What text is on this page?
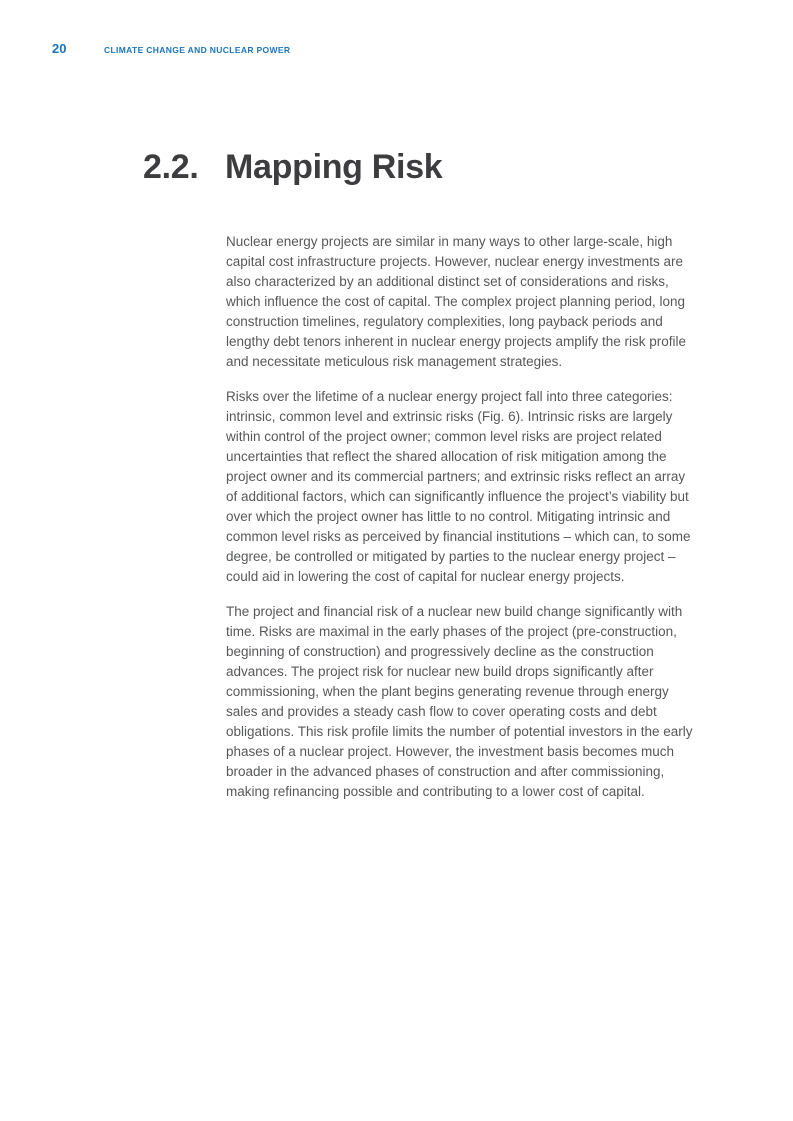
20	CLIMATE CHANGE AND NUCLEAR POWER
2.2. Mapping Risk

Nuclear energy projects are similar in many ways to other large-scale, high capital cost infrastructure projects. However, nuclear energy investments are also characterized by an additional distinct set of considerations and risks, which influence the cost of capital. The complex project planning period, long construction timelines, regulatory complexities, long payback periods and lengthy debt tenors inherent in nuclear energy projects amplify the risk profile and necessitate meticulous risk management strategies.

Risks over the lifetime of a nuclear energy project fall into three categories: intrinsic, common level and extrinsic risks (Fig. 6). Intrinsic risks are largely within control of the project owner; common level risks are project related uncertainties that reflect the shared allocation of risk mitigation among the project owner and its commercial partners; and extrinsic risks reflect an array of additional factors, which can significantly influence the project’s viability but over which the project owner has little to no control. Mitigating intrinsic and common level risks as perceived by financial institutions – which can, to some degree, be controlled or mitigated by parties to the nuclear energy project – could aid in lowering the cost of capital for nuclear energy projects.

The project and financial risk of a nuclear new build change significantly with time. Risks are maximal in the early phases of the project (pre-construction, beginning of construction) and progressively decline as the construction advances. The project risk for nuclear new build drops significantly after commissioning, when the plant begins generating revenue through energy sales and provides a steady cash flow to cover operating costs and debt obligations. This risk profile limits the number of potential investors in the early phases of a nuclear project. However, the investment basis becomes much broader in the advanced phases of construction and after commissioning, making refinancing possible and contributing to a lower cost of capital.
